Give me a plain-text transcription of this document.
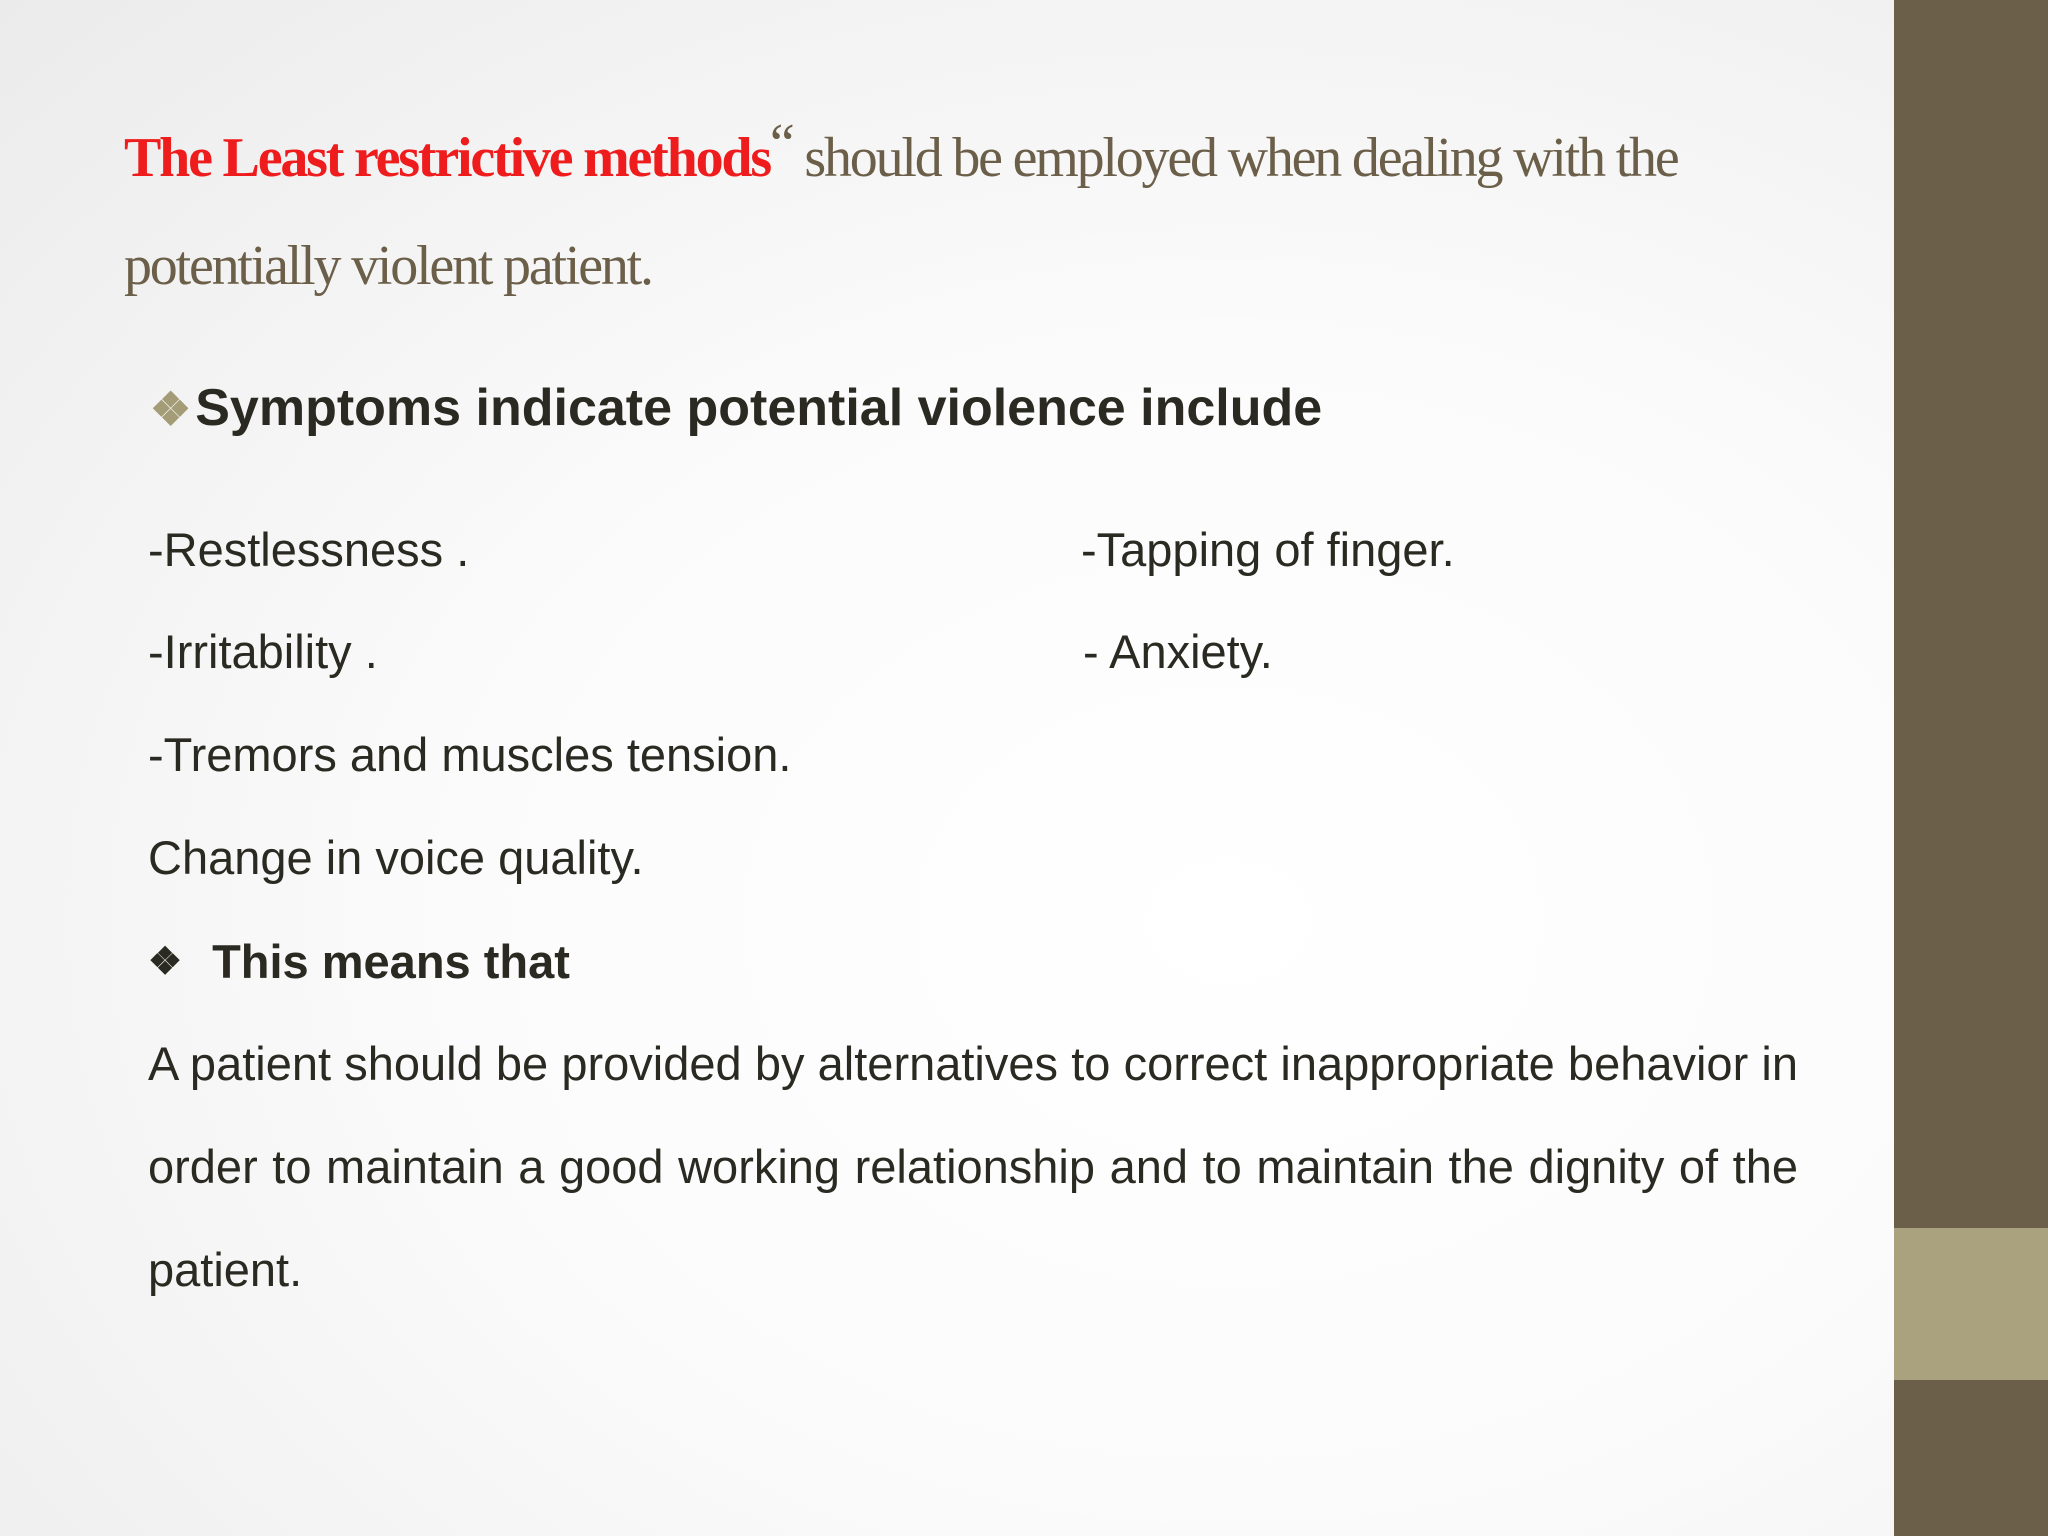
The Least restrictive methods“ should be employed when dealing with the potentially violent patient.
❖Symptoms indicate potential violence include
-Restlessness .
-Irritability .
-Tremors and muscles tension.
Change in voice quality.
-Tapping of finger.
- Anxiety.
❖ This means that
A patient should be provided by alternatives to correct inappropriate behavior in order to maintain a good working relationship and to maintain the dignity of the patient.
